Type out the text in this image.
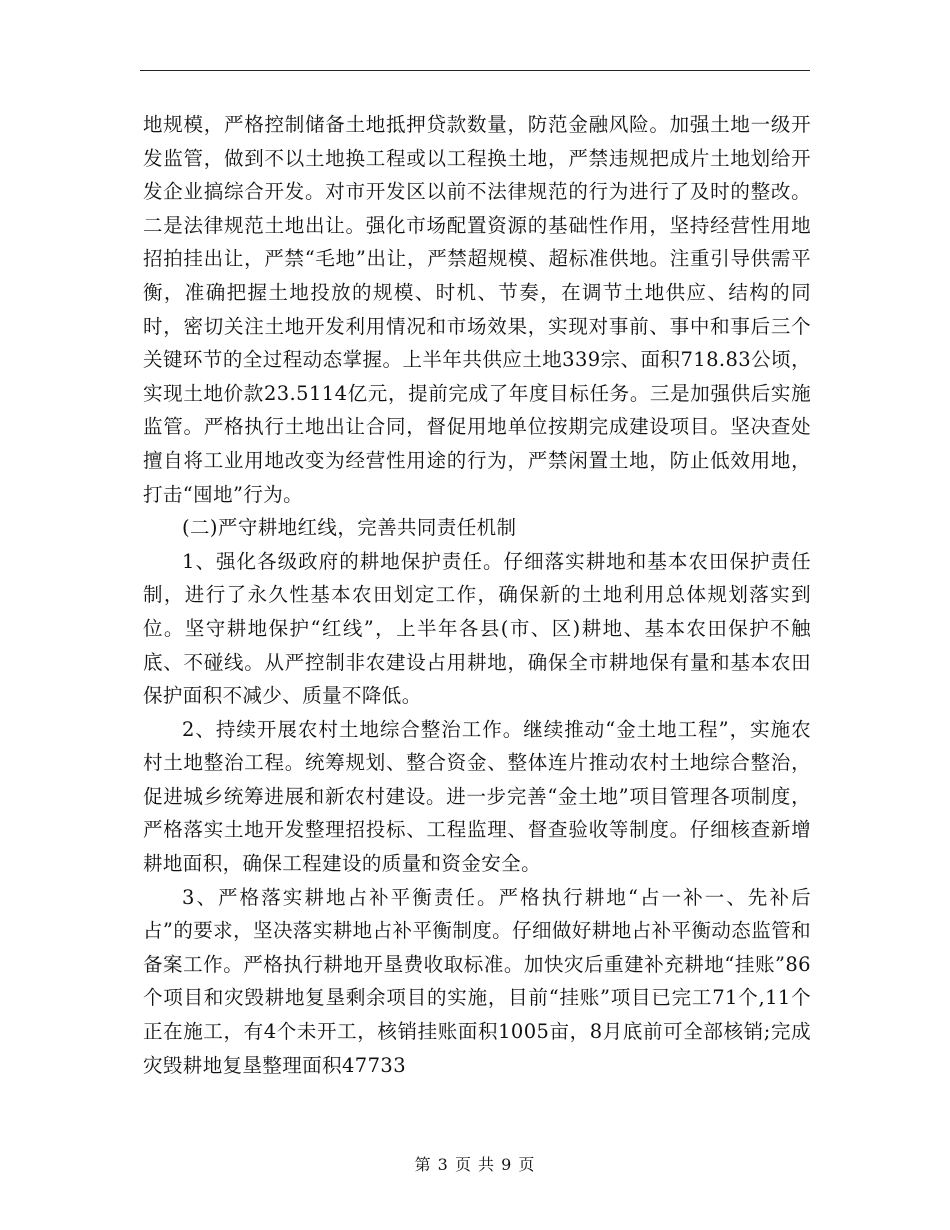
地规模，严格控制储备土地抵押贷款数量，防范金融风险。加强土地一级开发监管，做到不以土地换工程或以工程换土地，严禁违规把成片土地划给开发企业搞综合开发。对市开发区以前不法律规范的行为进行了及时的整改。二是法律规范土地出让。强化市场配置资源的基础性作用，坚持经营性用地招拍挂出让，严禁“毛地”出让，严禁超规模、超标准供地。注重引导供需平衡，准确把握土地投放的规模、时机、节奏，在调节土地供应、结构的同时，密切关注土地开发利用情况和市场效果，实现对事前、事中和事后三个关键环节的全过程动态掌握。上半年共供应土地339宗、面积718.83公顷，实现土地价款23.5114亿元，提前完成了年度目标任务。三是加强供后实施监管。严格执行土地出让合同，督促用地单位按期完成建设项目。坚决查处擅自将工业用地改变为经营性用途的行为，严禁闲置土地，防止低效用地，打击“囤地”行为。

(二)严守耕地红线，完善共同责任机制

1、强化各级政府的耕地保护责任。仔细落实耕地和基本农田保护责任制，进行了永久性基本农田划定工作，确保新的土地利用总体规划落实到位。坚守耕地保护“红线”，上半年各县(市、区)耕地、基本农田保护不触底、不碰线。从严控制非农建设占用耕地，确保全市耕地保有量和基本农田保护面积不减少、质量不降低。

2、持续开展农村土地综合整治工作。继续推动“金土地工程”，实施农村土地整治工程。统筹规划、整合资金、整体连片推动农村土地综合整治，促进城乡统筹进展和新农村建设。进一步完善“金土地”项目管理各项制度，严格落实土地开发整理招投标、工程监理、督查验收等制度。仔细核查新增耕地面积，确保工程建设的质量和资金安全。

3、严格落实耕地占补平衡责任。严格执行耕地“占一补一、先补后占”的要求，坚决落实耕地占补平衡制度。仔细做好耕地占补平衡动态监管和备案工作。严格执行耕地开垦费收取标准。加快灾后重建补充耕地“挂账”86个项目和灾毁耕地复垦剩余项目的实施，目前“挂账”项目已完工71个,11个正在施工，有4个未开工，核销挂账面积1005亩，8月底前可全部核销;完成灾毁耕地复垦整理面积47733

第 3 页 共 9 页
